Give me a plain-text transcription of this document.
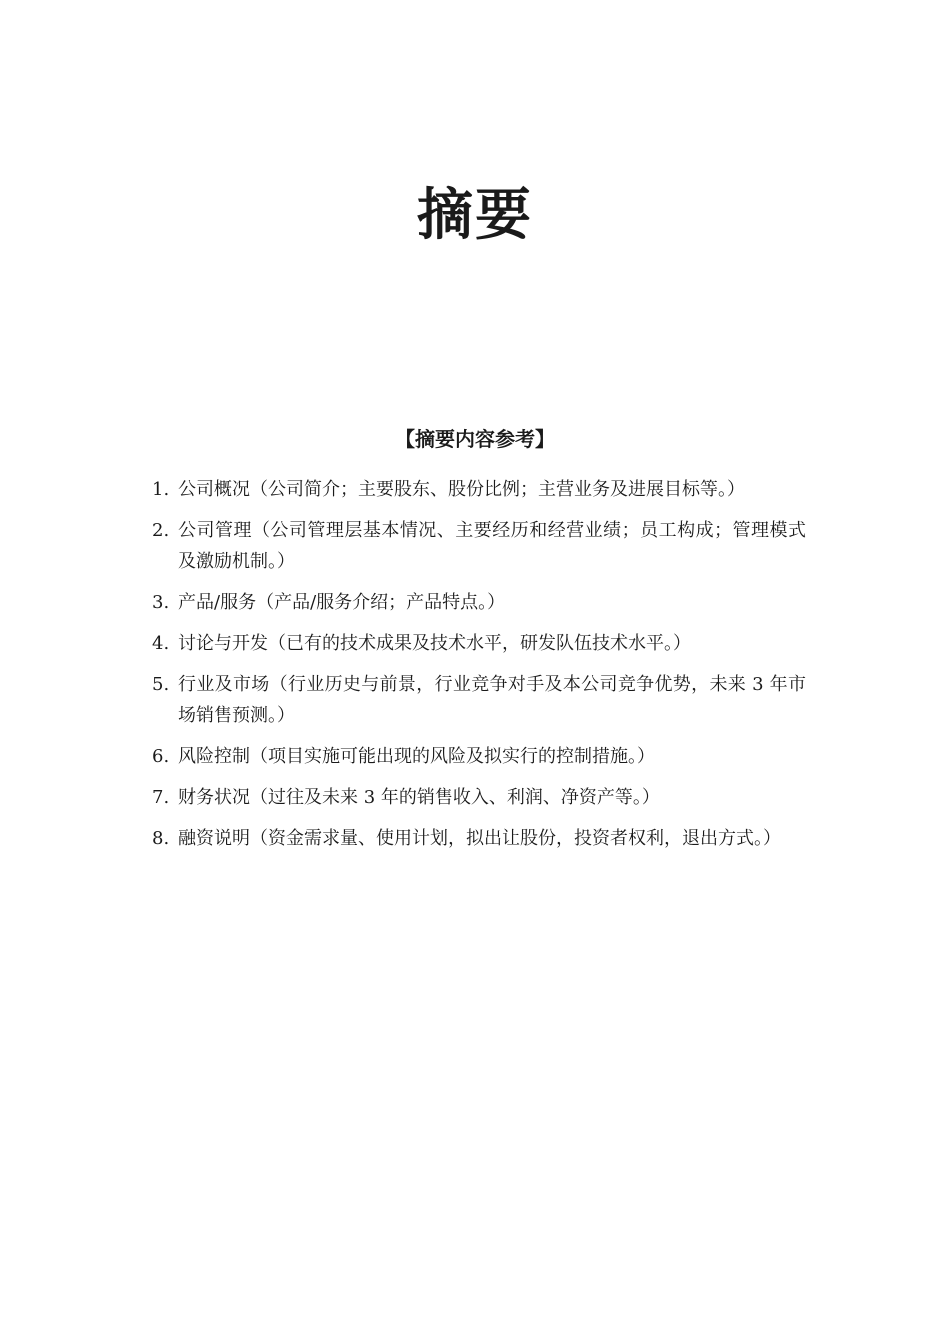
摘要
【摘要内容参考】
1. 公司概况（公司简介；主要股东、股份比例；主营业务及进展目标等。）
2. 公司管理（公司管理层基本情况、主要经历和经营业绩；员工构成；管理模式及激励机制。）
3. 产品/服务（产品/服务介绍；产品特点。）
4. 讨论与开发（已有的技术成果及技术水平，研发队伍技术水平。）
5. 行业及市场（行业历史与前景，行业竞争对手及本公司竞争优势，未来 3 年市场销售预测。）
6. 风险控制（项目实施可能出现的风险及拟实行的控制措施。）
7. 财务状况（过往及未来 3 年的销售收入、利润、净资产等。）
8. 融资说明（资金需求量、使用计划，拟出让股份，投资者权利，退出方式。）
